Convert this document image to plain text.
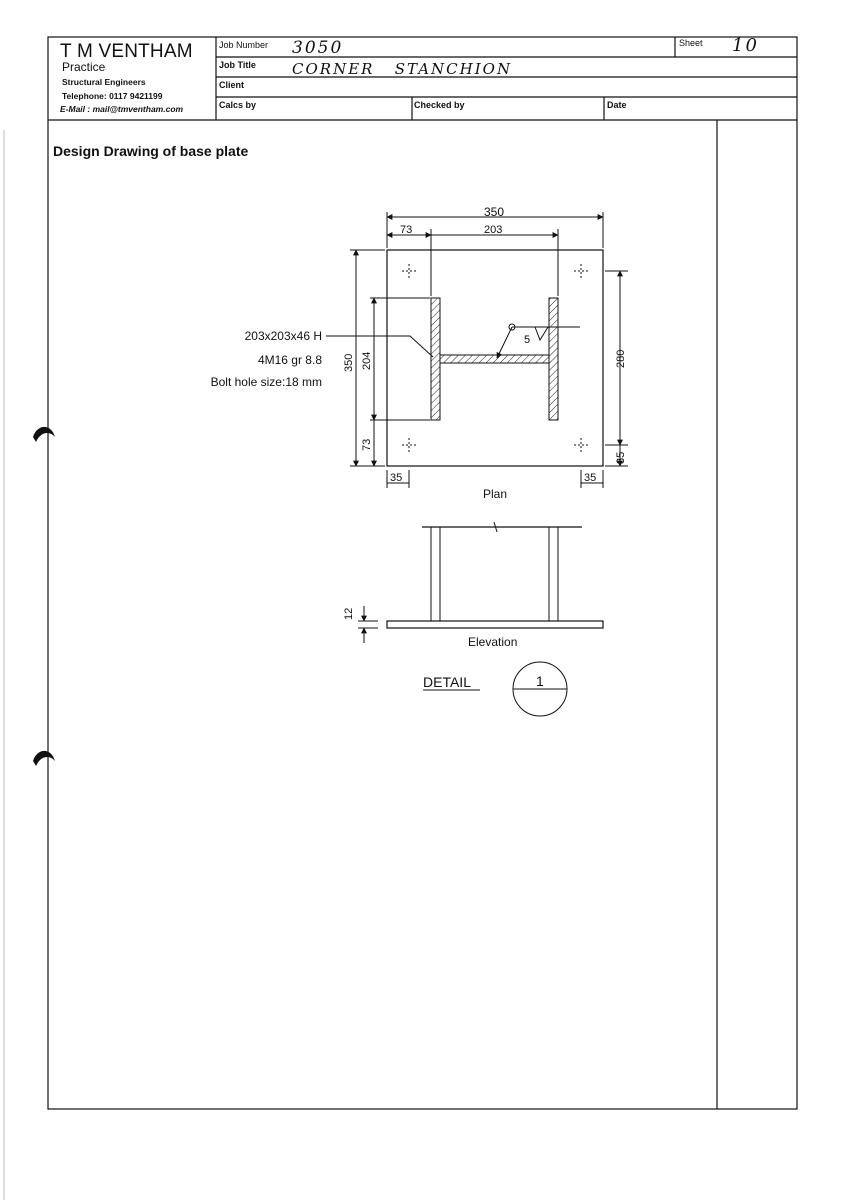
T M VENTHAM
Practice
Structural Engineers
Telephone: 0117 9421199
E-Mail : mail@tmventham.com
Job Number 3050
Job Title CORNER   STANCHION
Client
Calcs by	Checked by	Date
Sheet 10
Design Drawing of base plate
350
73	203
350 204
73
280
35
35	35
5
Plan
203x203x46 H
4M16 gr 8.8
Bolt hole size:18 mm
12
Elevation
DETAIL	1
